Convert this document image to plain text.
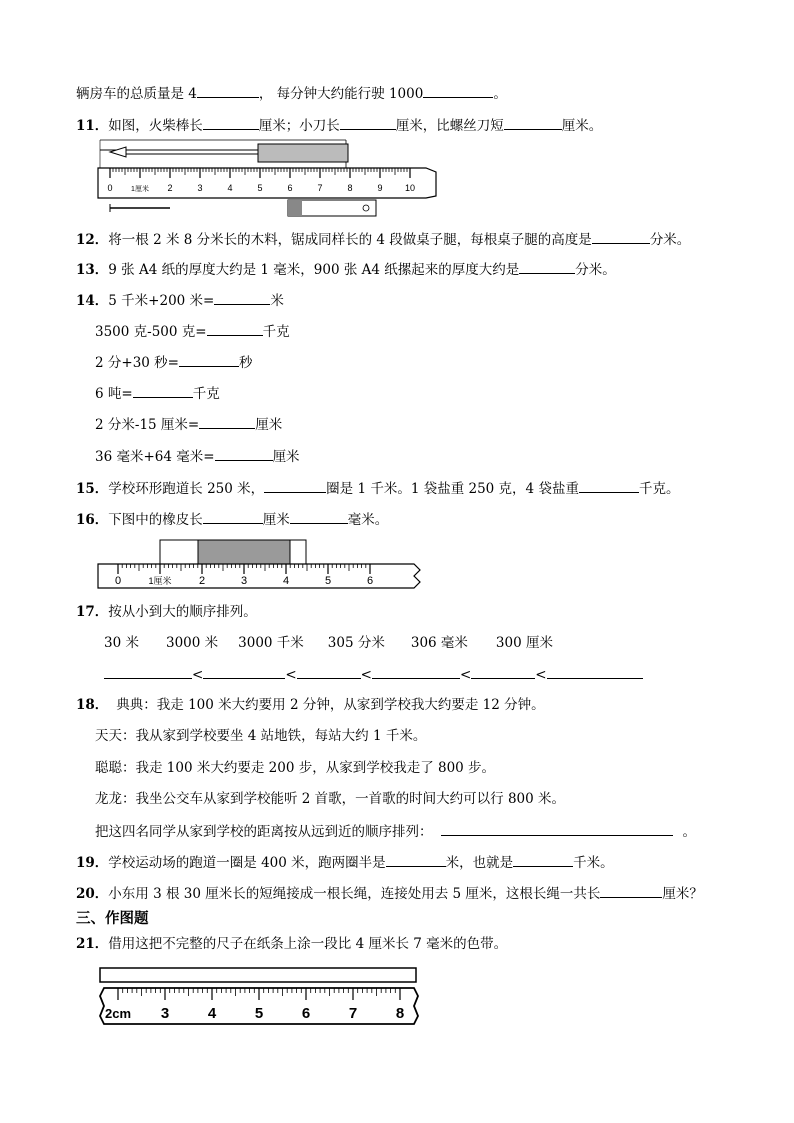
辆房车的总质量是 4	， 每分钟大约能行驶 1000	。
11．如图，火柴棒长	厘米；小刀长	厘米，比螺丝刀短	厘米。
0	1厘米 2	3	4	5	6	7	8	9 10
12．将一根 2 米 8 分米长的木料，锯成同样长的 4 段做桌子腿，每根桌子腿的高度是	分米。
13．9 张 A4 纸的厚度大约是 1 毫米，900 张 A4 纸摞起来的厚度大约是	分米。
14．5 千米+200 米=	米
3500 克-500 克=	千克
2 分+30 秒=	秒
6 吨=	千克
2 分米-15 厘米=	厘米
36 毫米+64 毫米=	厘米
15．学校环形跑道长 250 米，	圈是 1 千米。1 袋盐重 250 克，4 袋盐重	千克。
16．下图中的橡皮长	厘米	毫米。
0	1厘米 2	3	4	5	6
17．按从小到大的顺序排列。
30 米 3000 米 3000 千米 305 分米 306 毫米 300 厘米
<	<	<	<	<
18． 典典：我走 100 米大约要用 2 分钟，从家到学校我大约要走 12 分钟。
天天：我从家到学校要坐 4 站地铁，每站大约 1 千米。
聪聪：我走 100 米大约要走 200 步，从家到学校我走了 800 步。
龙龙：我坐公交车从家到学校能听 2 首歌，一首歌的时间大约可以行 800 米。
把这四名同学从家到学校的距离按从远到近的顺序排列：	。
19．学校运动场的跑道一圈是 400 米，跑两圈半是	米，也就是	千米。
20．小东用 3 根 30 厘米长的短绳接成一根长绳，连接处用去 5 厘米，这根长绳一共长	厘米？
三、作图题
21．借用这把不完整的尺子在纸条上涂一段比 4 厘米长 7 毫米的色带。
2cm 3	4	5	6	7	8
